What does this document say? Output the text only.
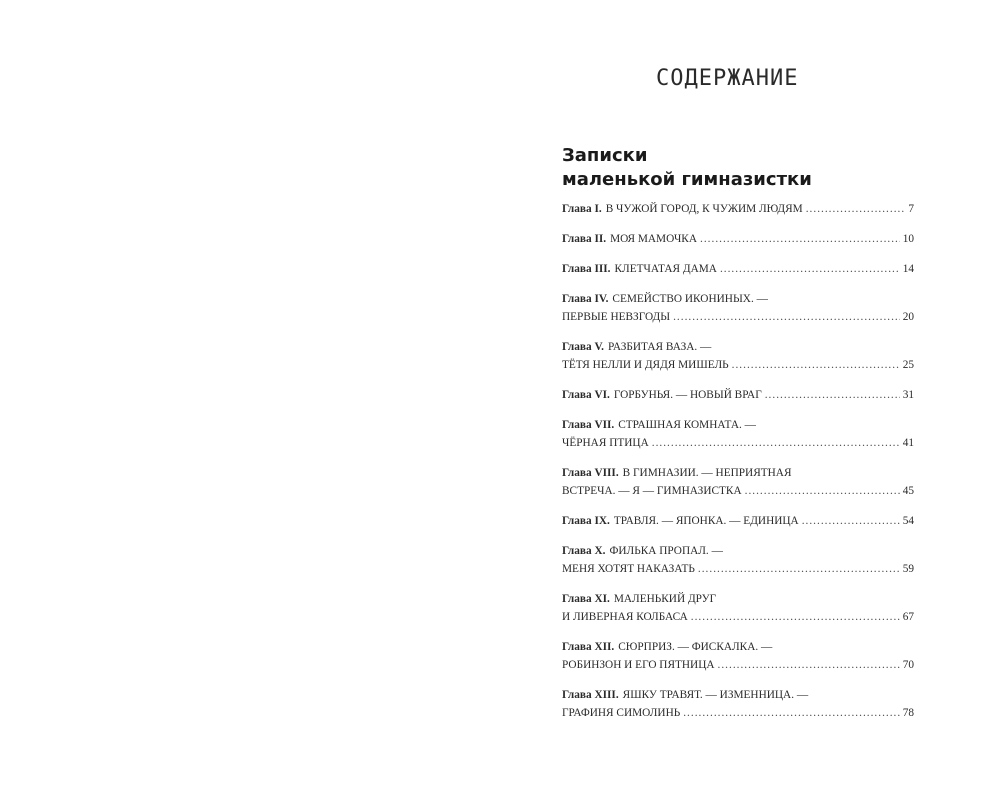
СОДЕРЖАНИЕ
Записки
маленькой гимназистки
Глава I. В ЧУЖОЙ ГОРОД, К ЧУЖИМ ЛЮДЯМ .....	7
Глава II. МОЯ МАМОЧКА .....	10
Глава III. КЛЕТЧАТАЯ ДАМА .....	14
Глава IV. СЕМЕЙСТВО ИКОНИНЫХ. —
ПЕРВЫЕ НЕВЗГОДЫ .....	20
Глава V. РАЗБИТАЯ ВАЗА. —
ТЁТЯ НЕЛЛИ И ДЯДЯ МИШЕЛЬ .....	25
Глава VI. ГОРБУНЬЯ. — НОВЫЙ ВРАГ .....	31
Глава VII. СТРАШНАЯ КОМНАТА. —
ЧЁРНАЯ ПТИЦА .....	41
Глава VIII. В ГИМНАЗИИ. — НЕПРИЯТНАЯ
ВСТРЕЧА. — Я — ГИМНАЗИСТКА .....	45
Глава IX. ТРАВЛЯ. — ЯПОНКА. — ЕДИНИЦА .....	54
Глава X. ФИЛЬКА ПРОПАЛ. —
МЕНЯ ХОТЯТ НАКАЗАТЬ .....	59
Глава XI. МАЛЕНЬКИЙ ДРУГ
И ЛИВЕРНАЯ КОЛБАСА .....	67
Глава XII. СЮРПРИЗ. — ФИСКАЛКА. —
РОБИНЗОН И ЕГО ПЯТНИЦА .....	70
Глава XIII. ЯШКУ ТРАВЯТ. — ИЗМЕННИЦА. —
ГРАФИНЯ СИМОЛИНЬ .....	78
